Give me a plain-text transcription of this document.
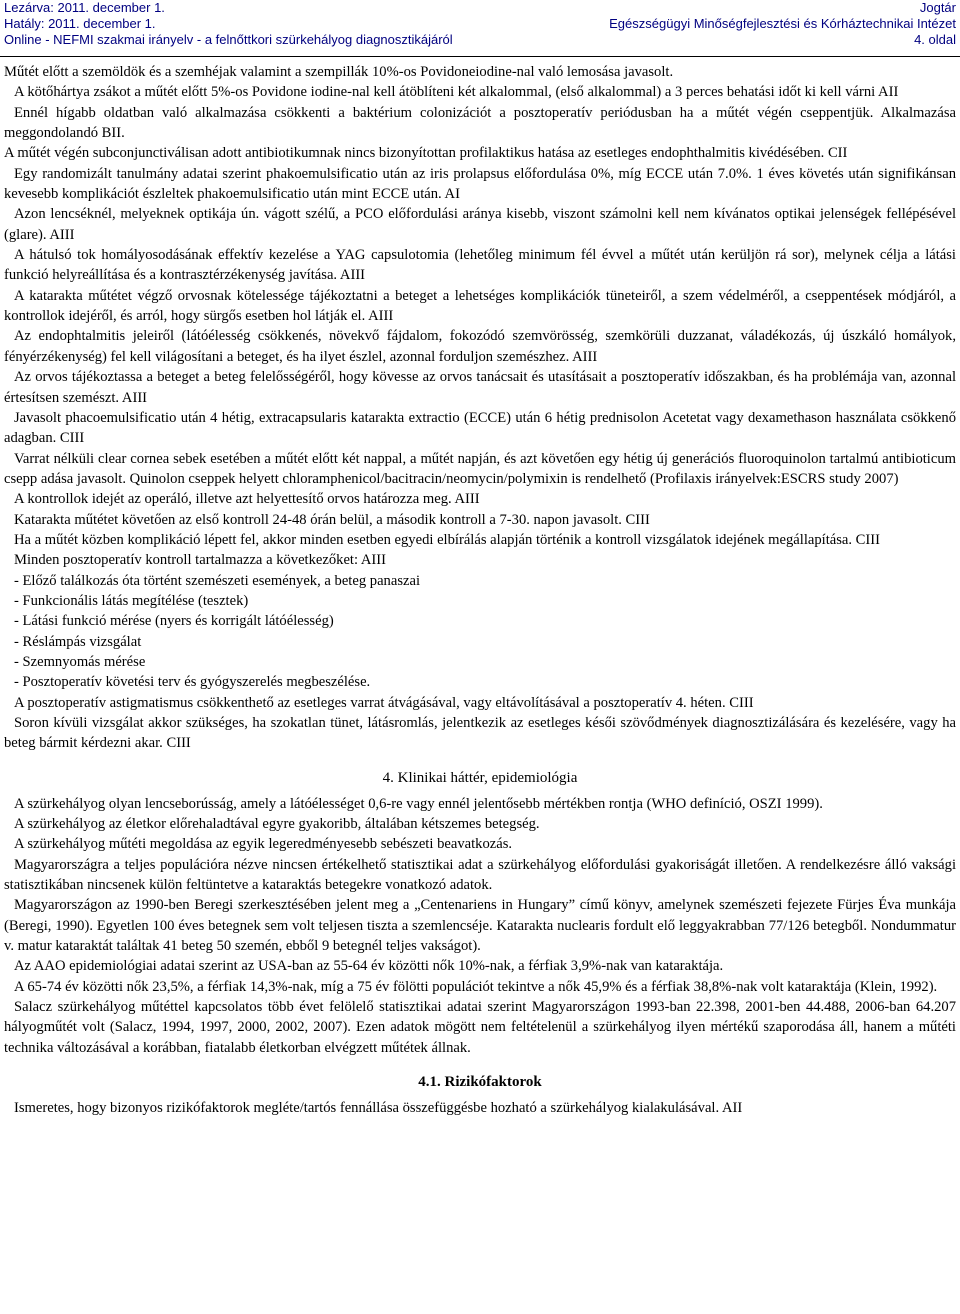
Lezárva: 2011. december 1.
Hatály: 2011. december 1.
Online - NEFMI szakmai irányelv - a felnőttkori szürkehályog diagnosztikájáról
Jogtár
Egészségügyi Minőségfejlesztési és Kórháztechnikai Intézet
4. oldal

Műtét előtt a szemöldök és a szemhéjak valamint a szempillák 10%-os Povidoneiodine-nal való lemosása javasolt.

A kötőhártya zsákot a műtét előtt 5%-os Povidone iodine-nal kell átöblíteni két alkalommal, (első alkalommal) a 3 perces behatási időt ki kell várni AII

Ennél hígabb oldatban való alkalmazása csökkenti a baktérium colonizációt a posztoperatív periódusban ha a műtét végén cseppentjük. Alkalmazása meggondolandó BII.

A műtét végén subconjunctiválisan adott antibiotikumnak nincs bizonyítottan profilaktikus hatása az esetleges endophthalmitis kivédésében. CII

Egy randomizált tanulmány adatai szerint phakoemulsificatio után az iris prolapsus előfordulása 0%, míg ECCE után 7.0%. 1 éves követés után signifikánsan kevesebb komplikációt észleltek phakoemulsificatio után mint ECCE után. AI

Azon lencséknél, melyeknek optikája ún. vágott szélű, a PCO előfordulási aránya kisebb, viszont számolni kell nem kívánatos optikai jelenségek fellépésével (glare). AIII

A hátulsó tok homályosodásának effektív kezelése a YAG capsulotomia (lehetőleg minimum fél évvel a műtét után kerüljön rá sor), melynek célja a látási funkció helyreállítása és a kontrasztérzékenység javítása. AIII

A katarakta műtétet végző orvosnak kötelessége tájékoztatni a beteget a lehetséges komplikációk tüneteiről, a szem védelméről, a cseppentések módjáról, a kontrollok idejéről, és arról, hogy sürgős esetben hol látják el. AIII

Az endophtalmitis jeleiről (látóélesség csökkenés, növekvő fájdalom, fokozódó szemvörösség, szemkörüli duzzanat, váladékozás, új úszkáló homályok, fényérzékenység) fel kell világosítani a beteget, és ha ilyet észlel, azonnal forduljon szemészhez. AIII

Az orvos tájékoztassa a beteget a beteg felelősségéről, hogy kövesse az orvos tanácsait és utasításait a posztoperatív időszakban, és ha problémája van, azonnal értesítsen szemészt. AIII

Javasolt phacoemulsificatio után 4 hétig, extracapsularis katarakta extractio (ECCE) után 6 hétig prednisolon Acetetat vagy dexamethason használata csökkenő adagban. CIII

Varrat nélküli clear cornea sebek esetében a műtét előtt két nappal, a műtét napján, és azt követően egy hétig új generációs fluoroquinolon tartalmú antibioticum csepp adása javasolt. Quinolon cseppek helyett chloramphenicol/bacitracin/neomycin/polymixin is rendelhető (Profilaxis irányelvek:ESCRS study 2007)

A kontrollok idejét az operáló, illetve azt helyettesítő orvos határozza meg. AIII

Katarakta műtétet követően az első kontroll 24-48 órán belül, a második kontroll a 7-30. napon javasolt. CIII

Ha a műtét közben komplikáció lépett fel, akkor minden esetben egyedi elbírálás alapján történik a kontroll vizsgálatok idejének megállapítása. CIII

Minden posztoperatív kontroll tartalmazza a következőket: AIII

- Előző találkozás óta történt szemészeti események, a beteg panaszai
- Funkcionális látás megítélése (tesztek)
- Látási funkció mérése (nyers és korrigált látóélesség)
- Réslámpás vizsgálat
- Szemnyomás mérése
- Posztoperatív követési terv és gyógyszerelés megbeszélése.

A posztoperatív astigmatismus csökkenthető az esetleges varrat átvágásával, vagy eltávolításával a posztoperatív 4. héten. CIII

Soron kívüli vizsgálat akkor szükséges, ha szokatlan tünet, látásromlás, jelentkezik az esetleges késői szövődmények diagnosztizálására és kezelésére, vagy ha beteg bármit kérdezni akar. CIII

4. Klinikai háttér, epidemiológia

A szürkehályog olyan lencseborússág, amely a látóélességet 0,6-re vagy ennél jelentősebb mértékben rontja (WHO definíció, OSZI 1999).

A szürkehályog az életkor előrehaladtával egyre gyakoribb, általában kétszemes betegség.

A szürkehályog műtéti megoldása az egyik legeredményesebb sebészeti beavatkozás.

Magyarországra a teljes populációra nézve nincsen értékelhető statisztikai adat a szürkehályog előfordulási gyakoriságát illetően. A rendelkezésre álló vaksági statisztikában nincsenek külön feltüntetve a kataraktás betegekre vonatkozó adatok.

Magyarországon az 1990-ben Beregi szerkesztésében jelent meg a „Centenariens in Hungary” című könyv, amelynek szemészeti fejezete Fürjes Éva munkája (Beregi, 1990). Egyetlen 100 éves betegnek sem volt teljesen tiszta a szemlencséje. Katarakta nuclearis fordult elő leggyakrabban 77/126 betegből. Nondummatur v. matur kataraktát találtak 41 beteg 50 szemén, ebből 9 betegnél teljes vakságot).

Az AAO epidemiológiai adatai szerint az USA-ban az 55-64 év közötti nők 10%-nak, a férfiak 3,9%-nak van kataraktája.

A 65-74 év közötti nők 23,5%, a férfiak 14,3%-nak, míg a 75 év fölötti populációt tekintve a nők 45,9% és a férfiak 38,8%-nak volt kataraktája (Klein, 1992).

Salacz szürkehályog műtéttel kapcsolatos több évet felölelő statisztikai adatai szerint Magyarországon 1993-ban 22.398, 2001-ben 44.488, 2006-ban 64.207 hályogműtét volt (Salacz, 1994, 1997, 2000, 2002, 2007). Ezen adatok mögött nem feltételenül a szürkehályog ilyen mértékű szaporodása áll, hanem a műtéti technika változásával a korábban, fiatalabb életkorban elvégzett műtétek állnak.

4.1. Rizikófaktorok

Ismeretes, hogy bizonyos rizikófaktorok megléte/tartós fennállása összefüggésbe hozható a szürkehályog kialakulásával. AII
